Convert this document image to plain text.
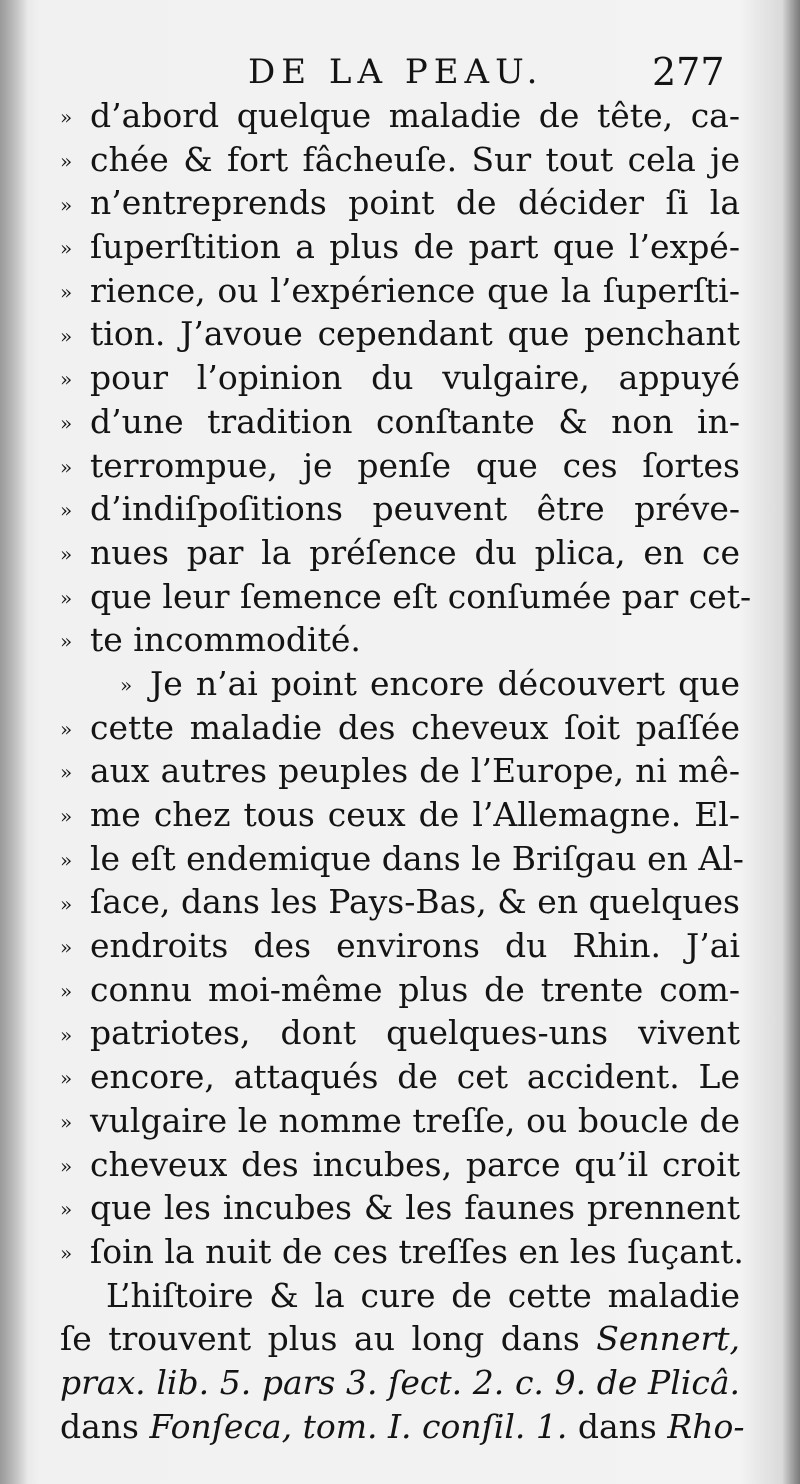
DE LA PEAU.	277
» d’abord quelque maladie de tête, ca-
» chée & fort fâcheuſe. Sur tout cela je
» n’entreprends point de décider ſi la
» ſuperſtition a plus de part que l’expé-
» rience, ou l’expérience que la ſuperſti-
» tion. J’avoue cependant que penchant
» pour l’opinion du vulgaire, appuyé
» d’une tradition conſtante & non in-
» terrompue, je penſe que ces ſortes
» d’indiſpoſitions peuvent être préve-
» nues par la préſence du plica, en ce
» que leur ſemence eſt conſumée par cet-
» te incommodité.
» Je n’ai point encore découvert que
» cette maladie des cheveux ſoit paſſée
» aux autres peuples de l’Europe, ni mê-
» me chez tous ceux de l’Allemagne. El-
» le eſt endemique dans le Briſgau en Al-
» ſace, dans les Pays-Bas, & en quelques
» endroits des environs du Rhin. J’ai
» connu moi-même plus de trente com-
» patriotes, dont quelques-uns vivent
» encore, attaqués de cet accident. Le
» vulgaire le nomme treſſe, ou boucle de
» cheveux des incubes, parce qu’il croit
» que les incubes & les faunes prennent
» ſoin la nuit de ces treſſes en les ſuçant.
L’hiſtoire & la cure de cette maladie
ſe trouvent plus au long dans Sennert,
prax. lib. 5. pars 3. ſect. 2. c. 9. de Plicâ.
dans Fonſeca, tom. I. conſil. 1. dans Rho-
